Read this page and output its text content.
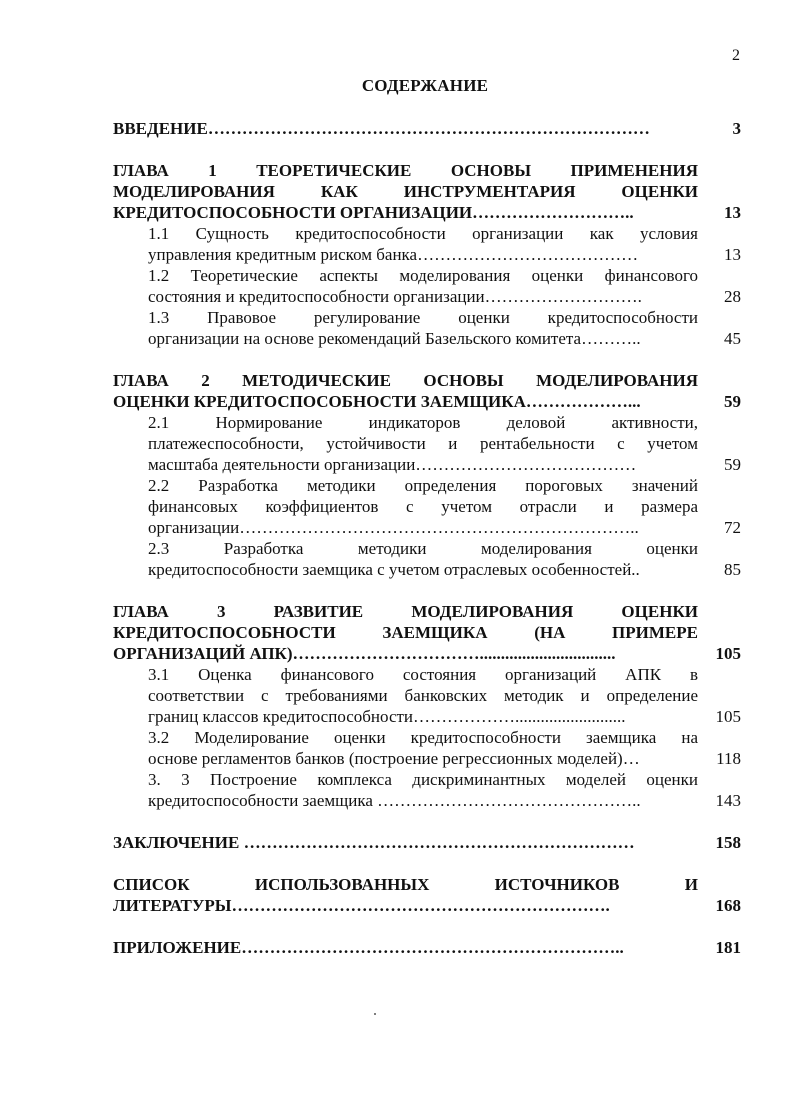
2
СОДЕРЖАНИЕ
ВВЕДЕНИЕ……………………………………………………………………	3
ГЛАВА 1 ТЕОРЕТИЧЕСКИЕ ОСНОВЫ ПРИМЕНЕНИЯ
МОДЕЛИРОВАНИЯ КАК ИНСТРУМЕНТАРИЯ ОЦЕНКИ
КРЕДИТОСПОСОБНОСТИ ОРГАНИЗАЦИИ………………………..	13
1.1 Сущность кредитоспособности организации как условия
управления кредитным риском банка…………………………………	13
1.2 Теоретические аспекты моделирования оценки финансового
состояния и кредитоспособности организации……………………….	28
1.3 Правовое регулирование оценки кредитоспособности
организации на основе рекомендаций Базельского комитета………..	45
ГЛАВА 2 МЕТОДИЧЕСКИЕ ОСНОВЫ МОДЕЛИРОВАНИЯ
ОЦЕНКИ КРЕДИТОСПОСОБНОСТИ ЗАЕМЩИКА………………...	59
2.1 Нормирование индикаторов деловой активности,
платежеспособности, устойчивости и рентабельности с учетом
масштаба деятельности организации…………………………………	59
2.2 Разработка методики определения пороговых значений
финансовых коэффициентов с учетом отрасли и размера
организации……………………………………………………………..	72
2.3 Разработка методики моделирования оценки
кредитоспособности заемщика с учетом отраслевых особенностей..	85
ГЛАВА 3 РАЗВИТИЕ МОДЕЛИРОВАНИЯ ОЦЕНКИ
КРЕДИТОСПОСОБНОСТИ ЗАЕМЩИКА (НА ПРИМЕРЕ
ОРГАНИЗАЦИЙ АПК)……………………………................................	105
3.1 Оценка финансового состояния организаций АПК в
соответствии с требованиями банковских методик и определение
границ классов кредитоспособности………………..........................	105
3.2 Моделирование оценки кредитоспособности заемщика на
основе регламентов банков (построение регрессионных моделей)…	118
3. 3 Построение комплекса дискриминантных моделей оценки
кредитоспособности заемщика ………………………………………..	143
ЗАКЛЮЧЕНИЕ ……………………………………………………………	158
СПИСОК ИСПОЛЬЗОВАННЫХ ИСТОЧНИКОВ И
ЛИТЕРАТУРЫ………………………………………………………….	168
ПРИЛОЖЕНИЕ…………………………………………………………..	181
